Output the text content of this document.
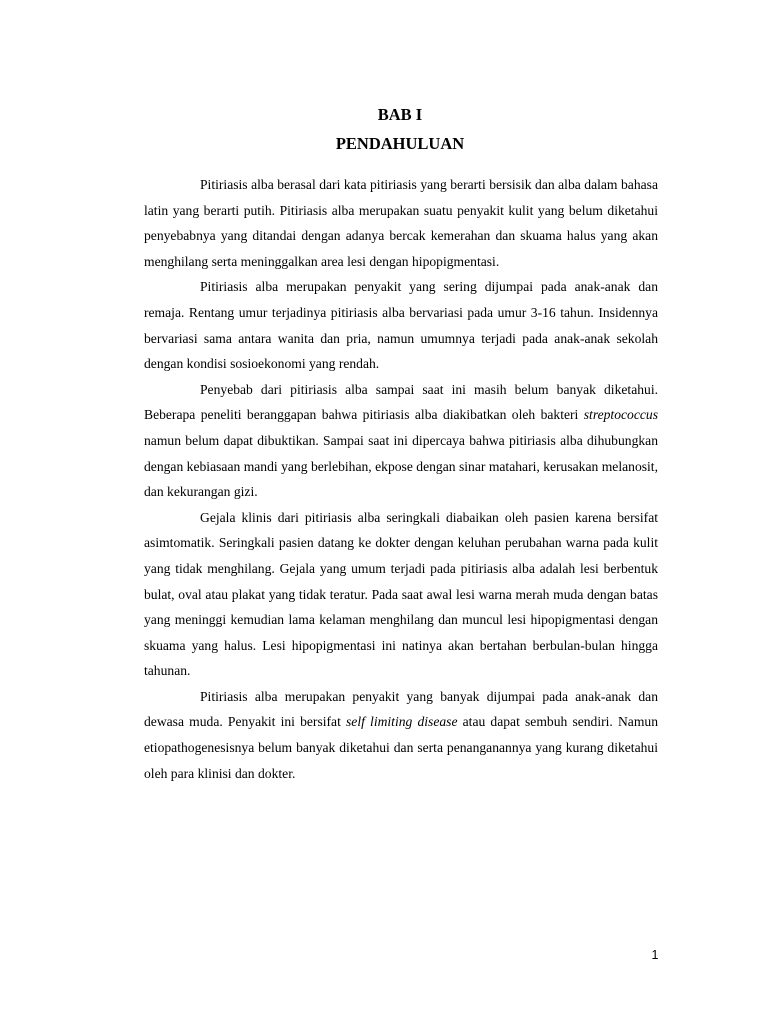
BAB I
PENDAHULUAN

Pitiriasis alba berasal dari kata pitiriasis yang berarti bersisik dan alba dalam bahasa latin yang berarti putih. Pitiriasis alba merupakan suatu penyakit kulit yang belum diketahui penyebabnya yang ditandai dengan adanya bercak kemerahan dan skuama halus yang akan menghilang serta meninggalkan area lesi dengan hipopigmentasi.

Pitiriasis alba merupakan penyakit yang sering dijumpai pada anak-anak dan remaja. Rentang umur terjadinya pitiriasis alba bervariasi pada umur 3-16 tahun. Insidennya bervariasi sama antara wanita dan pria, namun umumnya terjadi pada anak-anak sekolah dengan kondisi sosioekonomi yang rendah.

Penyebab dari pitiriasis alba sampai saat ini masih belum banyak diketahui. Beberapa peneliti beranggapan bahwa pitiriasis alba diakibatkan oleh bakteri streptococcus namun belum dapat dibuktikan. Sampai saat ini dipercaya bahwa pitiriasis alba dihubungkan dengan kebiasaan mandi yang berlebihan, ekpose dengan sinar matahari, kerusakan melanosit, dan kekurangan gizi.

Gejala klinis dari pitiriasis alba seringkali diabaikan oleh pasien karena bersifat asimtomatik. Seringkali pasien datang ke dokter dengan keluhan perubahan warna pada kulit yang tidak menghilang. Gejala yang umum terjadi pada pitiriasis alba adalah lesi berbentuk bulat, oval atau plakat yang tidak teratur. Pada saat awal lesi warna merah muda dengan batas yang meninggi kemudian lama kelaman menghilang dan muncul lesi hipopigmentasi dengan skuama yang halus. Lesi hipopigmentasi ini natinya akan bertahan berbulan-bulan hingga tahunan.

Pitiriasis alba merupakan penyakit yang banyak dijumpai pada anak-anak dan dewasa muda. Penyakit ini bersifat self limiting disease atau dapat sembuh sendiri. Namun etiopathogenesisnya belum banyak diketahui dan serta penanganannya yang kurang diketahui oleh para klinisi dan dokter.

1
